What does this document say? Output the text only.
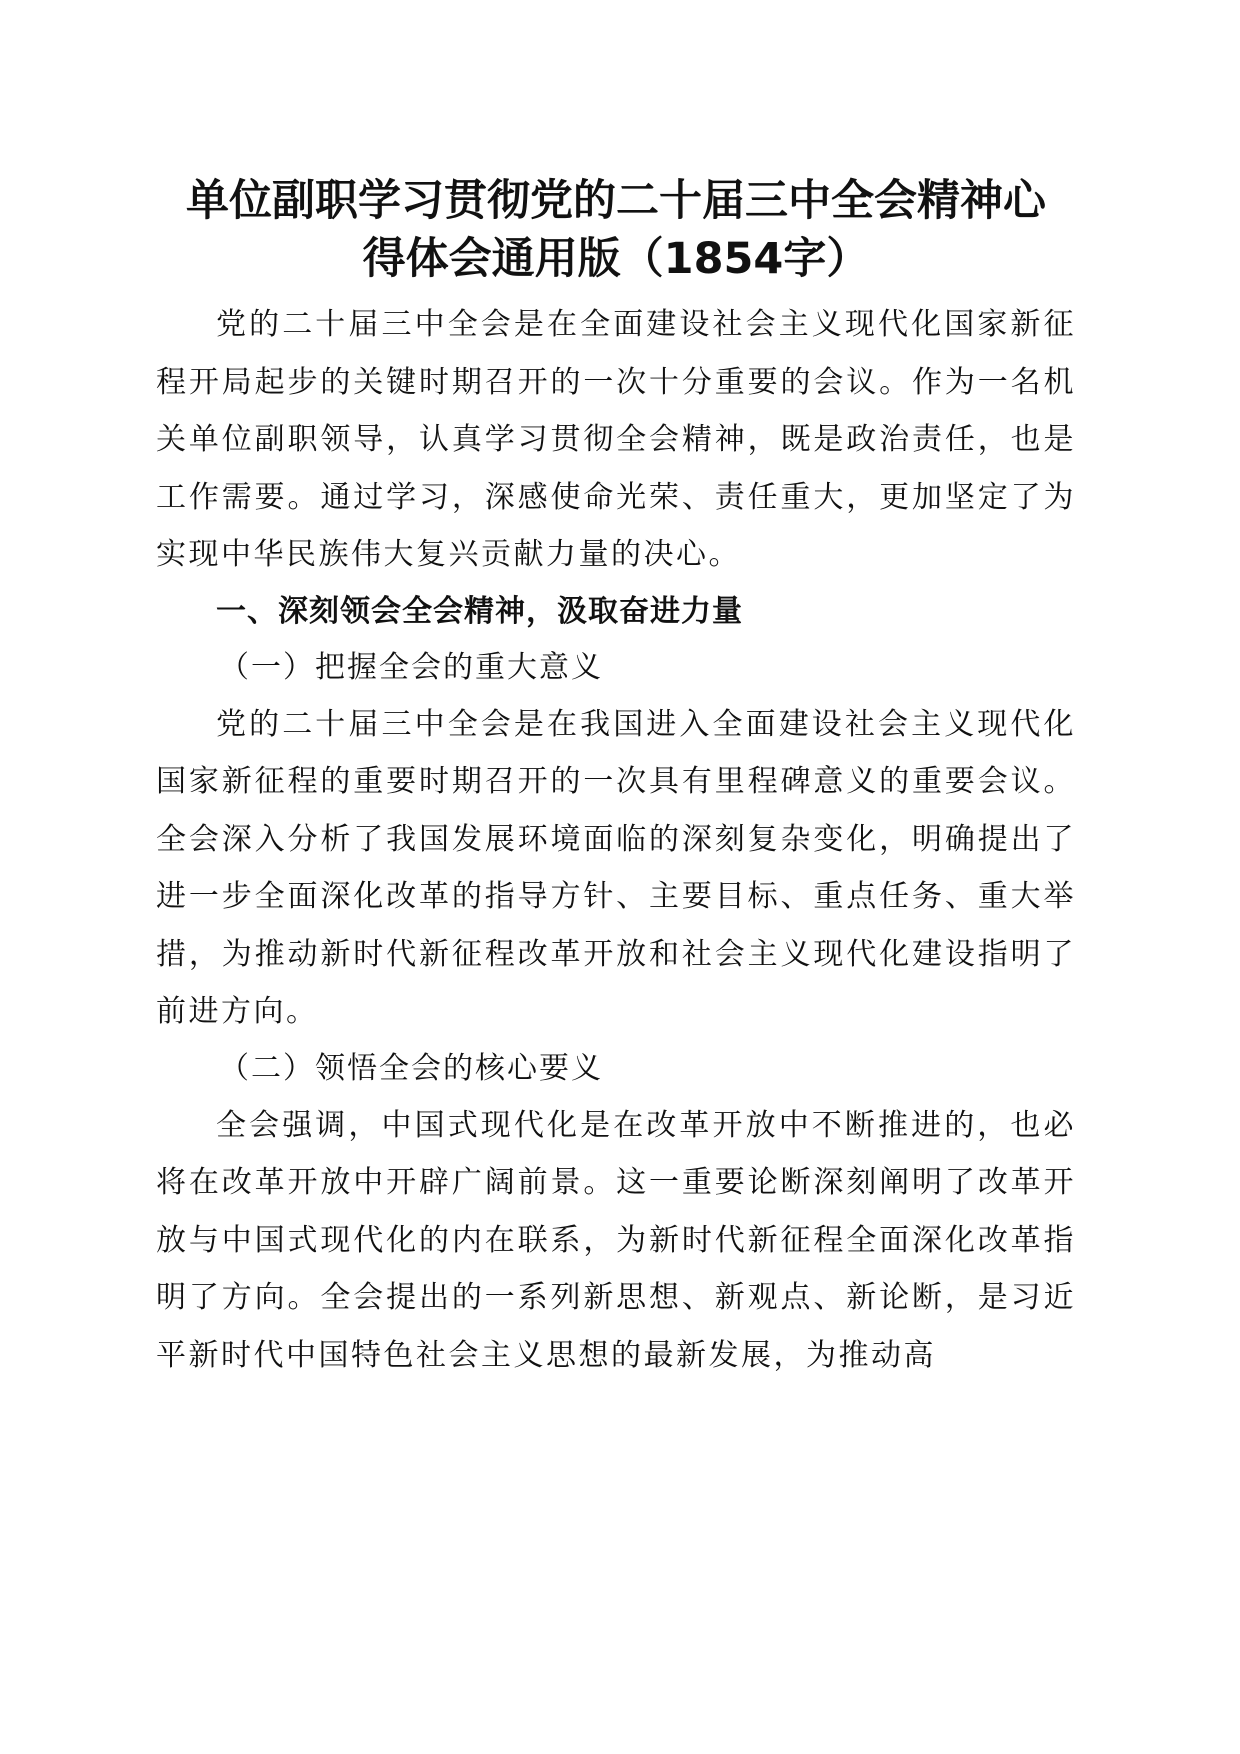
单位副职学习贯彻党的二十届三中全会精神心
得体会通用版（1854字）

党的二十届三中全会是在全面建设社会主义现代化国家新征程开局起步的关键时期召开的一次十分重要的会议。作为一名机关单位副职领导，认真学习贯彻全会精神，既是政治责任，也是工作需要。通过学习，深感使命光荣、责任重大，更加坚定了为实现中华民族伟大复兴贡献力量的决心。

一、深刻领会全会精神，汲取奋进力量

（一）把握全会的重大意义

党的二十届三中全会是在我国进入全面建设社会主义现代化国家新征程的重要时期召开的一次具有里程碑意义的重要会议。全会深入分析了我国发展环境面临的深刻复杂变化，明确提出了进一步全面深化改革的指导方针、主要目标、重点任务、重大举措，为推动新时代新征程改革开放和社会主义现代化建设指明了前进方向。

（二）领悟全会的核心要义

全会强调，中国式现代化是在改革开放中不断推进的，也必将在改革开放中开辟广阔前景。这一重要论断深刻阐明了改革开放与中国式现代化的内在联系，为新时代新征程全面深化改革指明了方向。全会提出的一系列新思想、新观点、新论断，是习近平新时代中国特色社会主义思想的最新发展，为推动高
